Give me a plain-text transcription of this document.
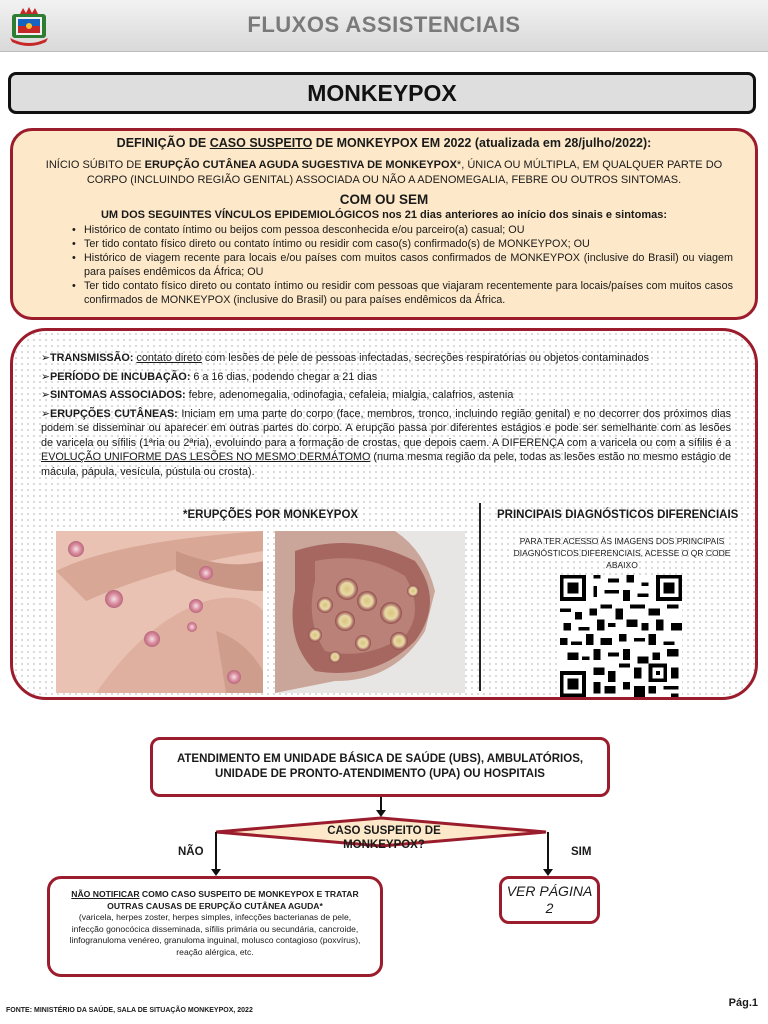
FLUXOS ASSISTENCIAIS
MONKEYPOX
DEFINIÇÃO DE CASO SUSPEITO DE MONKEYPOX EM 2022 (atualizada em 28/julho/2022):
INÍCIO SÚBITO DE ERUPÇÃO CUTÂNEA AGUDA SUGESTIVA DE MONKEYPOX*, ÚNICA OU MÚLTIPLA, EM QUALQUER PARTE DO CORPO (INCLUINDO REGIÃO GENITAL) ASSOCIADA OU NÃO A ADENOMEGALIA, FEBRE OU OUTROS SINTOMAS.
COM OU SEM
UM DOS SEGUINTES VÍNCULOS EPIDEMIOLÓGICOS nos 21 dias anteriores ao início dos sinais e sintomas:
• Histórico de contato íntimo ou beijos com pessoa desconhecida e/ou parceiro(a) casual; OU
• Ter tido contato físico direto ou contato íntimo ou residir com caso(s) confirmado(s) de MONKEYPOX; OU
• Histórico de viagem recente para locais e/ou países com muitos casos confirmados de MONKEYPOX (inclusive do Brasil) ou viagem para países endêmicos da África; OU
• Ter tido contato físico direto ou contato íntimo ou residir com pessoas que viajaram recentemente para locais/países com muitos casos confirmados de MONKEYPOX (inclusive do Brasil) ou para países endêmicos da África.
➢TRANSMISSÃO: contato direto com lesões de pele de pessoas infectadas, secreções respiratórias ou objetos contaminados
➢PERÍODO DE INCUBAÇÃO: 6 a 16 dias, podendo chegar a 21 dias
➢SINTOMAS ASSOCIADOS: febre, adenomegalia, odinofagia, cefaleia, mialgia, calafrios, astenia
➢ERUPÇÕES CUTÂNEAS: Iniciam em uma parte do corpo (face, membros, tronco, incluindo região genital) e no decorrer dos próximos dias podem se disseminar ou aparecer em outras partes do corpo. A erupção passa por diferentes estágios e pode ser semelhante com as lesões de varicela ou sífilis (1ªria ou 2ªria), evoluindo para a formação de crostas, que depois caem. A DIFERENÇA com a varicela ou com a sífilis é a EVOLUÇÃO UNIFORME DAS LESÕES NO MESMO DERMÁTOMO (numa mesma região da pele, todas as lesões estão no mesmo estágio de mácula, pápula, vesícula, pústula ou crosta).
*ERUPÇÕES POR MONKEYPOX	PRINCIPAIS DIAGNÓSTICOS DIFERENCIAIS
PARA TER ACESSO ÀS IMAGENS DOS PRINCIPAIS DIAGNÓSTICOS DIFERENCIAIS, ACESSE O QR CODE ABAIXO
ATENDIMENTO EM UNIDADE BÁSICA DE SAÚDE (UBS), AMBULATÓRIOS, UNIDADE DE PRONTO-ATENDIMENTO (UPA) OU HOSPITAIS
CASO SUSPEITO DE MONKEYPOX?
NÃO	SIM
NÃO NOTIFICAR COMO CASO SUSPEITO DE MONKEYPOX E TRATAR OUTRAS CAUSAS DE ERUPÇÃO CUTÂNEA AGUDA*
(varicela, herpes zoster, herpes simples, infecções bacterianas de pele, infecção gonocócica disseminada, sífilis primária ou secundária, cancroide, linfogranuloma venéreo, granuloma inguinal, molusco contagioso (poxvírus), reação alérgica, etc.
VER PÁGINA 2
FONTE: MINISTÉRIO DA SAÚDE, SALA DE SITUAÇÃO MONKEYPOX, 2022
Pág.1
